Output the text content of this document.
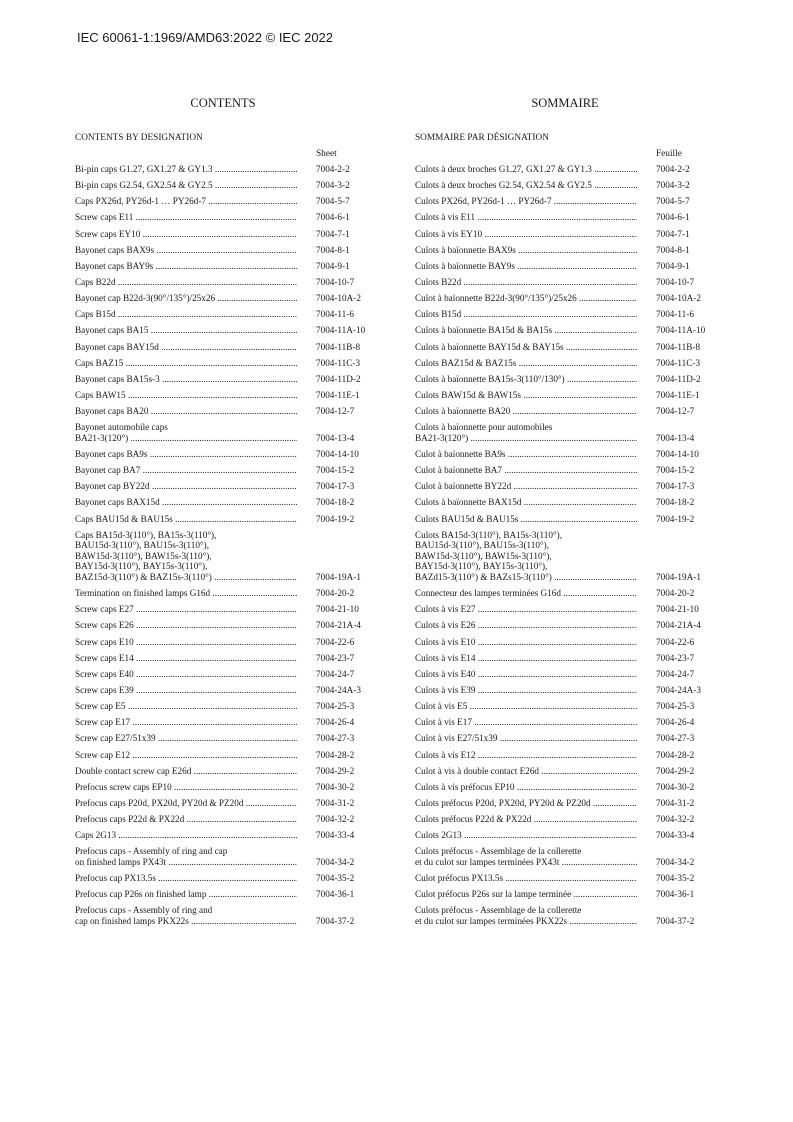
IEC 60061-1:1969/AMD63:2022 © IEC 2022
CONTENTS
CONTENTS BY DESIGNATION
Sheet
Bi-pin caps G1.27, GX1.27 & GY1.3 .....	7004-2-2
Bi-pin caps G2.54, GX2.54 & GY2.5 .....	7004-3-2
Caps PX26d, PY26d-1 … PY26d-7 .....	7004-5-7
Screw caps E11 .....	7004-6-1
Screw caps EY10 .....	7004-7-1
Bayonet caps BAX9s .....	7004-8-1
Bayonet caps BAY9s .....	7004-9-1
Caps B22d .....	7004-10-7
Bayonet cap B22d-3(90°/135°)/25x26 .....	7004-10A-2
Caps B15d .....	7004-11-6
Bayonet caps BA15 .....	7004-11A-10
Bayonet caps BAY15d .....	7004-11B-8
Caps BAZ15 .....	7004-11C-3
Bayonet caps BA15s-3 .....	7004-11D-2
Caps BAW15 .....	7004-11E-1
Bayonet caps BA20 .....	7004-12-7
Bayonet automobile caps
BA21-3(120°) .....	7004-13-4
Bayonet caps BA9s .....	7004-14-10
Bayonet cap BA7 .....	7004-15-2
Bayonet cap BY22d .....	7004-17-3
Bayonet caps BAX15d .....	7004-18-2
Caps BAU15d & BAU15s .....	7004-19-2
Caps BA15d-3(110°), BA15s-3(110°),
BAU15d-3(110°), BAU15s-3(110°),
BAW15d-3(110°), BAW15s-3(110°),
BAY15d-3(110°), BAY15s-3(110°),
BAZ15d-3(110°) & BAZ15s-3(110°) .....	7004-19A-1
Termination on finished lamps G16d .....	7004-20-2
Screw caps E27 .....	7004-21-10
Screw caps E26 .....	7004-21A-4
Screw caps E10 .....	7004-22-6
Screw caps E14 .....	7004-23-7
Screw caps E40 .....	7004-24-7
Screw caps E39 .....	7004-24A-3
Screw cap E5 .....	7004-25-3
Screw cap E17 .....	7004-26-4
Screw cap E27/51x39 .....	7004-27-3
Screw cap E12 .....	7004-28-2
Double contact screw cap E26d .....	7004-29-2
Prefocus screw caps EP10 .....	7004-30-2
Prefocus caps P20d, PX20d, PY20d & PZ20d .....	7004-31-2
Prefocus caps P22d & PX22d .....	7004-32-2
Caps 2G13 .....	7004-33-4
Prefocus caps - Assembly of ring and cap
on finished lamps PX43t .....	7004-34-2
Prefocus cap PX13.5s .....	7004-35-2
Prefocus cap P26s on finished lamp .....	7004-36-1
Prefocus caps - Assembly of ring and
cap on finished lamps PKX22s .....	7004-37-2
SOMMAIRE
SOMMAIRE PAR DÉSIGNATION
Feuille
Culots à deux broches G1.27, GX1.27 & GY1.3 .....	7004-2-2
Culots à deux broches G2.54, GX2.54 & GY2.5 .....	7004-3-2
Culots PX26d, PY26d-1 … PY26d-7 .....	7004-5-7
Culots à vis E11 .....	7004-6-1
Culots à vis EY10 .....	7004-7-1
Culots à baïonnette BAX9s .....	7004-8-1
Culots à baïonnette BAY9s .....	7004-9-1
Culots B22d .....	7004-10-7
Culot à baïonnette B22d-3(90°/135°)/25x26 .....	7004-10A-2
Culots B15d .....	7004-11-6
Culots à baïonnette BA15d & BA15s .....	7004-11A-10
Culots à baïonnette BAY15d & BAY15s .....	7004-11B-8
Culots BAZ15d & BAZ15s .....	7004-11C-3
Culots à baïonnette BA15s-3(110°/130°) .....	7004-11D-2
Culots BAW15d & BAW15s .....	7004-11E-1
Culots à baïonnette BA20 .....	7004-12-7
Culots à baïonnette pour automobiles
BA21-3(120°) .....	7004-13-4
Culot à baïonnette BA9s .....	7004-14-10
Culot à baïonnette BA7 .....	7004-15-2
Culot à baïonnette BY22d .....	7004-17-3
Culots à baïonnette BAX15d .....	7004-18-2
Culots BAU15d & BAU15s .....	7004-19-2
Culots BA15d-3(110°), BA15s-3(110°),
BAU15d-3(110°), BAU15s-3(110°),
BAW15d-3(110°), BAW15s-3(110°),
BAY15d-3(110°), BAY15s-3(110°),
BAZd15-3(110°) & BAZs15-3(110°) .....	7004-19A-1
Connecteur des lampes terminées G16d .....	7004-20-2
Culots à vis E27 .....	7004-21-10
Culots à vis E26 .....	7004-21A-4
Culots à vis E10 .....	7004-22-6
Culots à vis E14 .....	7004-23-7
Culots à vis E40 .....	7004-24-7
Culots à vis E39 .....	7004-24A-3
Culot à vis E5 .....	7004-25-3
Culot à vis E17 .....	7004-26-4
Culot à vis E27/51x39 .....	7004-27-3
Culots à vis E12 .....	7004-28-2
Culot à vis à double contact E26d .....	7004-29-2
Culots à vis préfocus EP10 .....	7004-30-2
Culots préfocus P20d, PX20d, PY20d & PZ20d .....	7004-31-2
Culots préfocus P22d & PX22d .....	7004-32-2
Culots 2G13 .....	7004-33-4
Culots préfocus - Assemblage de la collerette
et du culot sur lampes terminées PX43t .....	7004-34-2
Culot préfocus PX13.5s .....	7004-35-2
Culot préfocus P26s sur la lampe terminée .....	7004-36-1
Culots préfocus - Assemblage de la collerette
et du culot sur lampes terminées PKX22s .....	7004-37-2
